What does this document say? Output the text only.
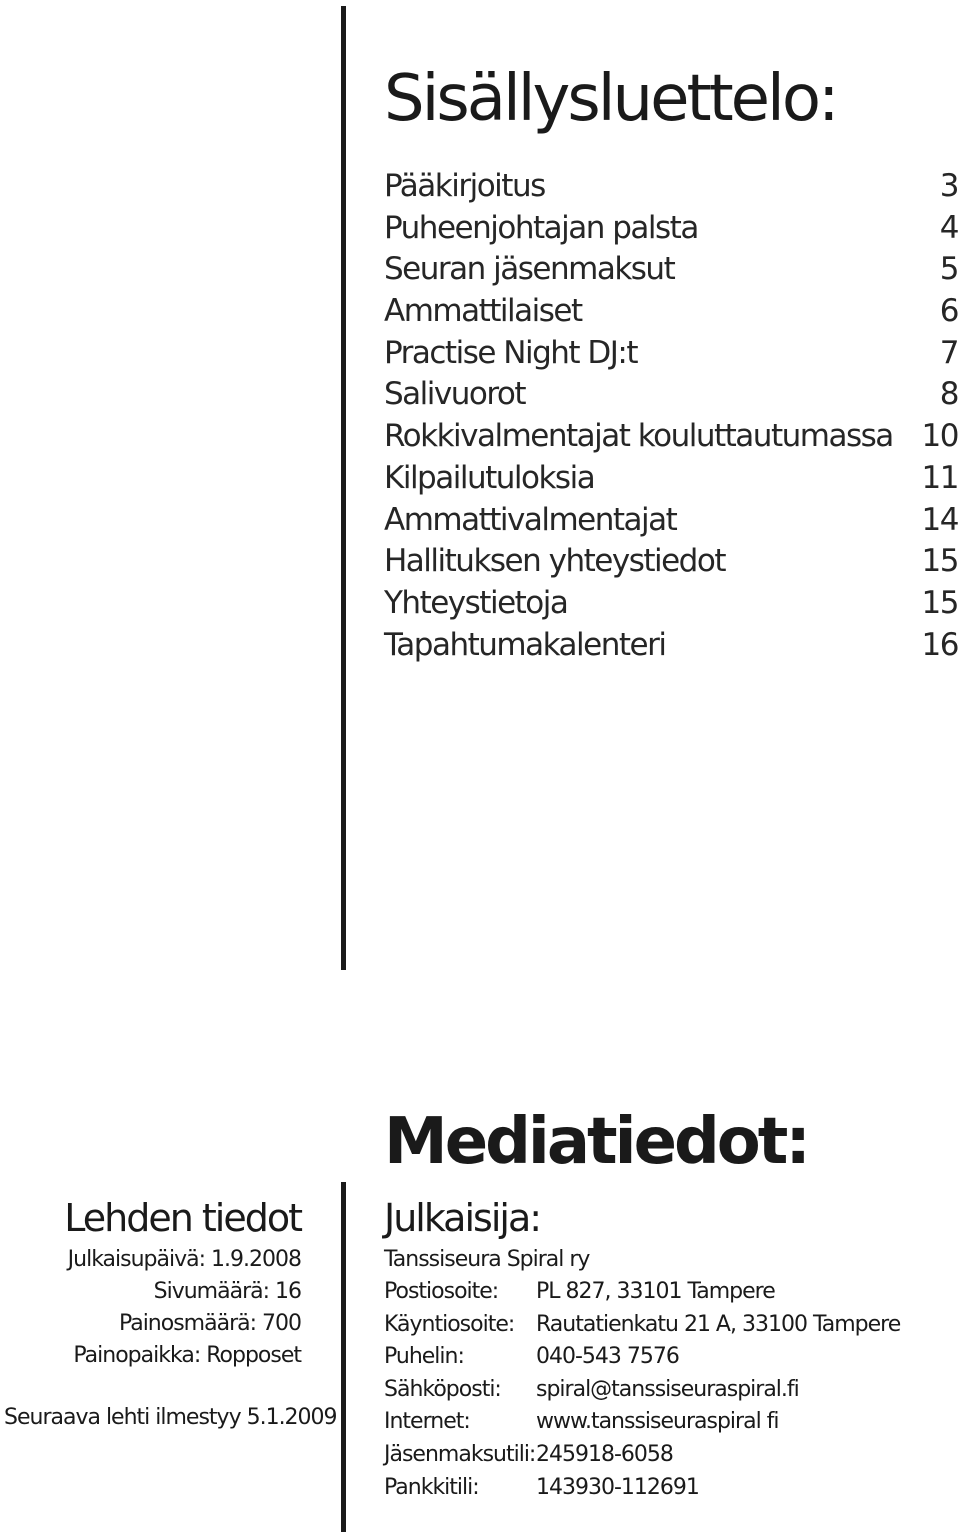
Sisällysluettelo:
Pääkirjoitus	3
Puheenjohtajan palsta	4
Seuran jäsenmaksut	5
Ammattilaiset	6
Practise Night DJ:t	7
Salivuorot	8
Rokkivalmentajat kouluttautumassa 10
Kilpailutuloksia	11
Ammattivalmentajat	14
Hallituksen yhteystiedot	15
Yhteystietoja	15
Tapahtumakalenteri	16
Mediatiedot:
Lehden tiedot
Julkaisupäivä: 1.9.2008
Sivumäärä: 16
Painosmäärä: 700
Painopaikka: Ropposet
Seuraava lehti ilmestyy 5.1.2009
Julkaisija:
Tanssiseura Spiral ry
Postiosoite:	PL 827, 33101 Tampere
Käyntiosoite: Rautatienkatu 21 A, 33100 Tampere
Puhelin:	040-543 7576
Sähköposti:	spiral@tanssiseuraspiral.fi
Internet:	www.tanssiseuraspiral fi
Jäsenmaksutili: 245918-6058
Pankkitili:	143930-112691
